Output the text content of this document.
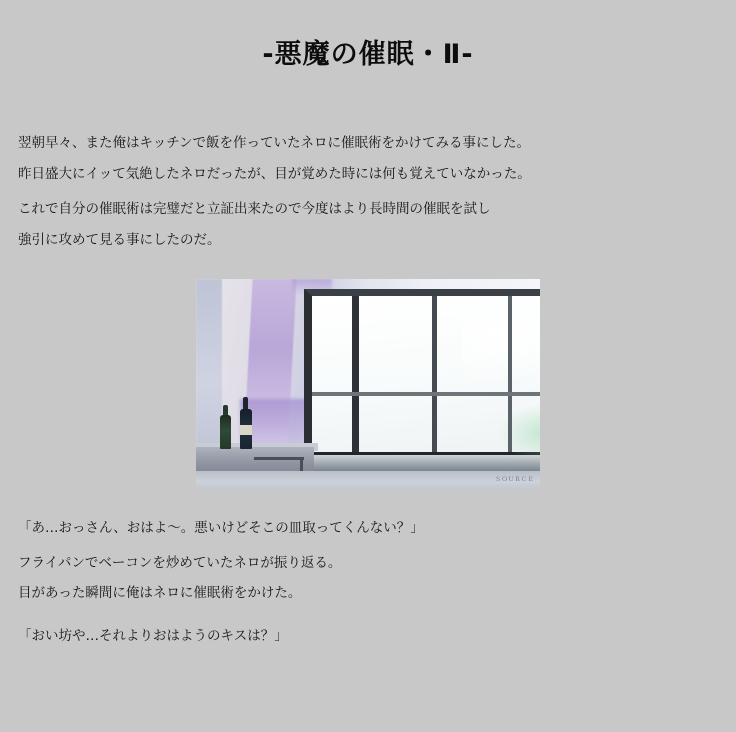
-悪魔の催眠・Ⅱ-
翌朝早々、また俺はキッチンで飯を作っていたネロに催眠術をかけてみる事にした。
昨日盛大にイッて気絶したネロだったが、目が覚めた時には何も覚えていなかった。
これで自分の催眠術は完璧だと立証出来たので今度はより長時間の催眠を試し
強引に攻めて見る事にしたのだ。
ＳＯＵＲＣＥ
「あ…おっさん、おはよ～。悪いけどそこの皿取ってくんない？」
フライパンでベーコンを炒めていたネロが振り返る。
目があった瞬間に俺はネロに催眠術をかけた。
「おい坊や…それよりおはようのキスは？」
